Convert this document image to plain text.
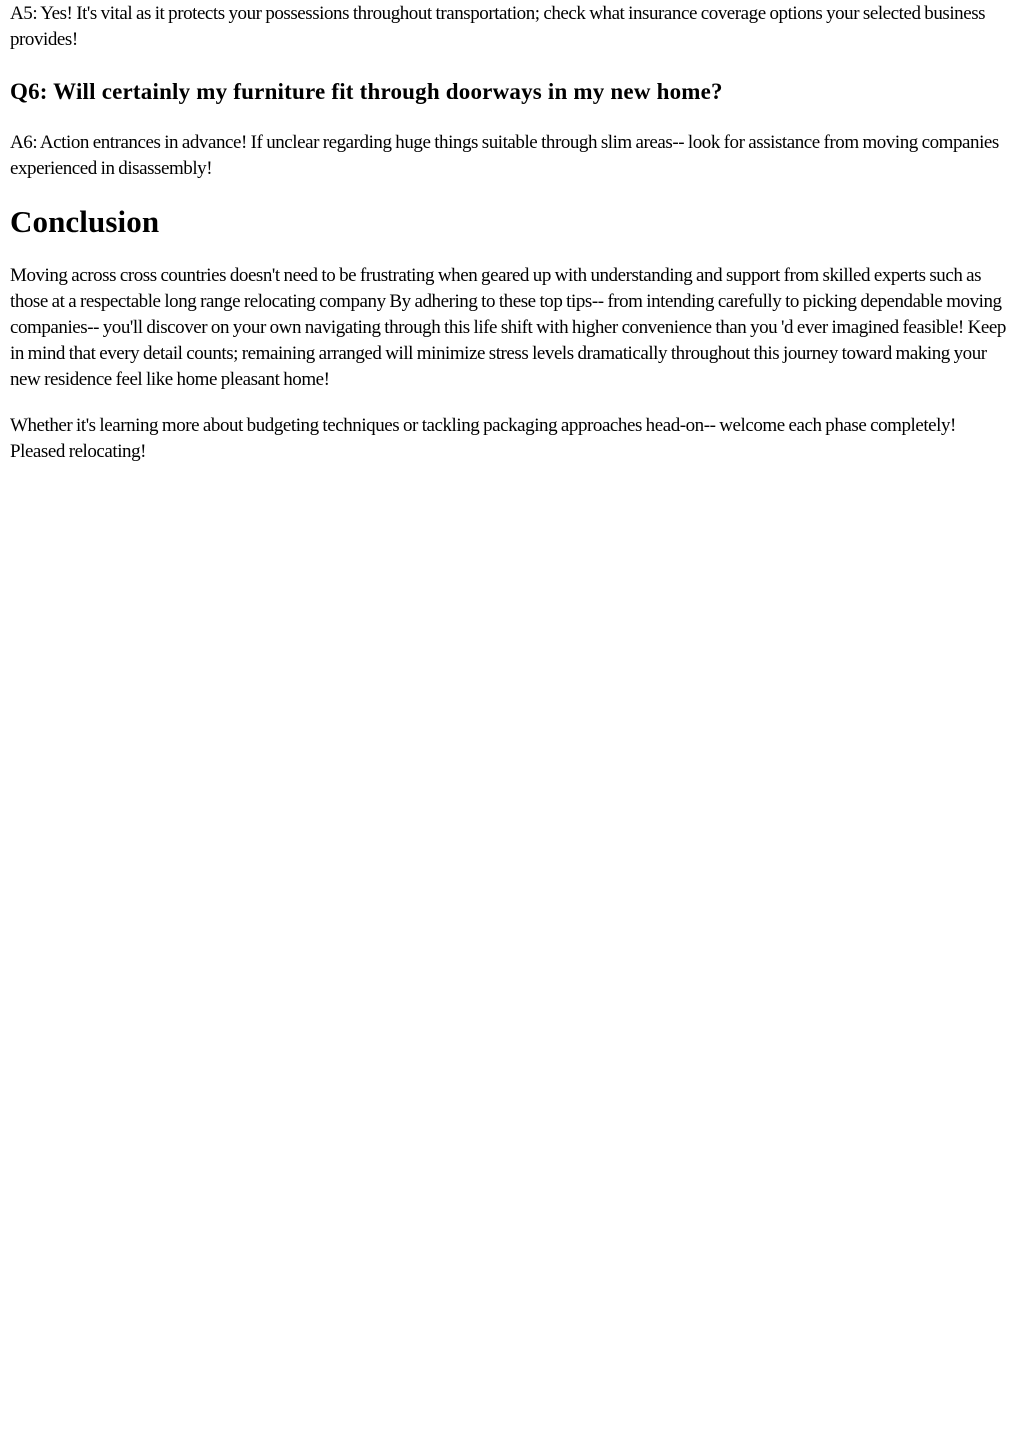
A5: Yes! It's vital as it protects your possessions throughout transportation; check what insurance coverage options your selected business provides!

Q6: Will certainly my furniture fit through doorways in my new home?

A6: Action entrances in advance! If unclear regarding huge things suitable through slim areas-- look for assistance from moving companies experienced in disassembly!

Conclusion

Moving across cross countries doesn't need to be frustrating when geared up with understanding and support from skilled experts such as those at a respectable long range relocating company By adhering to these top tips-- from intending carefully to picking dependable moving companies-- you'll discover on your own navigating through this life shift with higher convenience than you 'd ever imagined feasible! Keep in mind that every detail counts; remaining arranged will minimize stress levels dramatically throughout this journey toward making your new residence feel like home pleasant home!

Whether it's learning more about budgeting techniques or tackling packaging approaches head-on-- welcome each phase completely! Pleased relocating!
